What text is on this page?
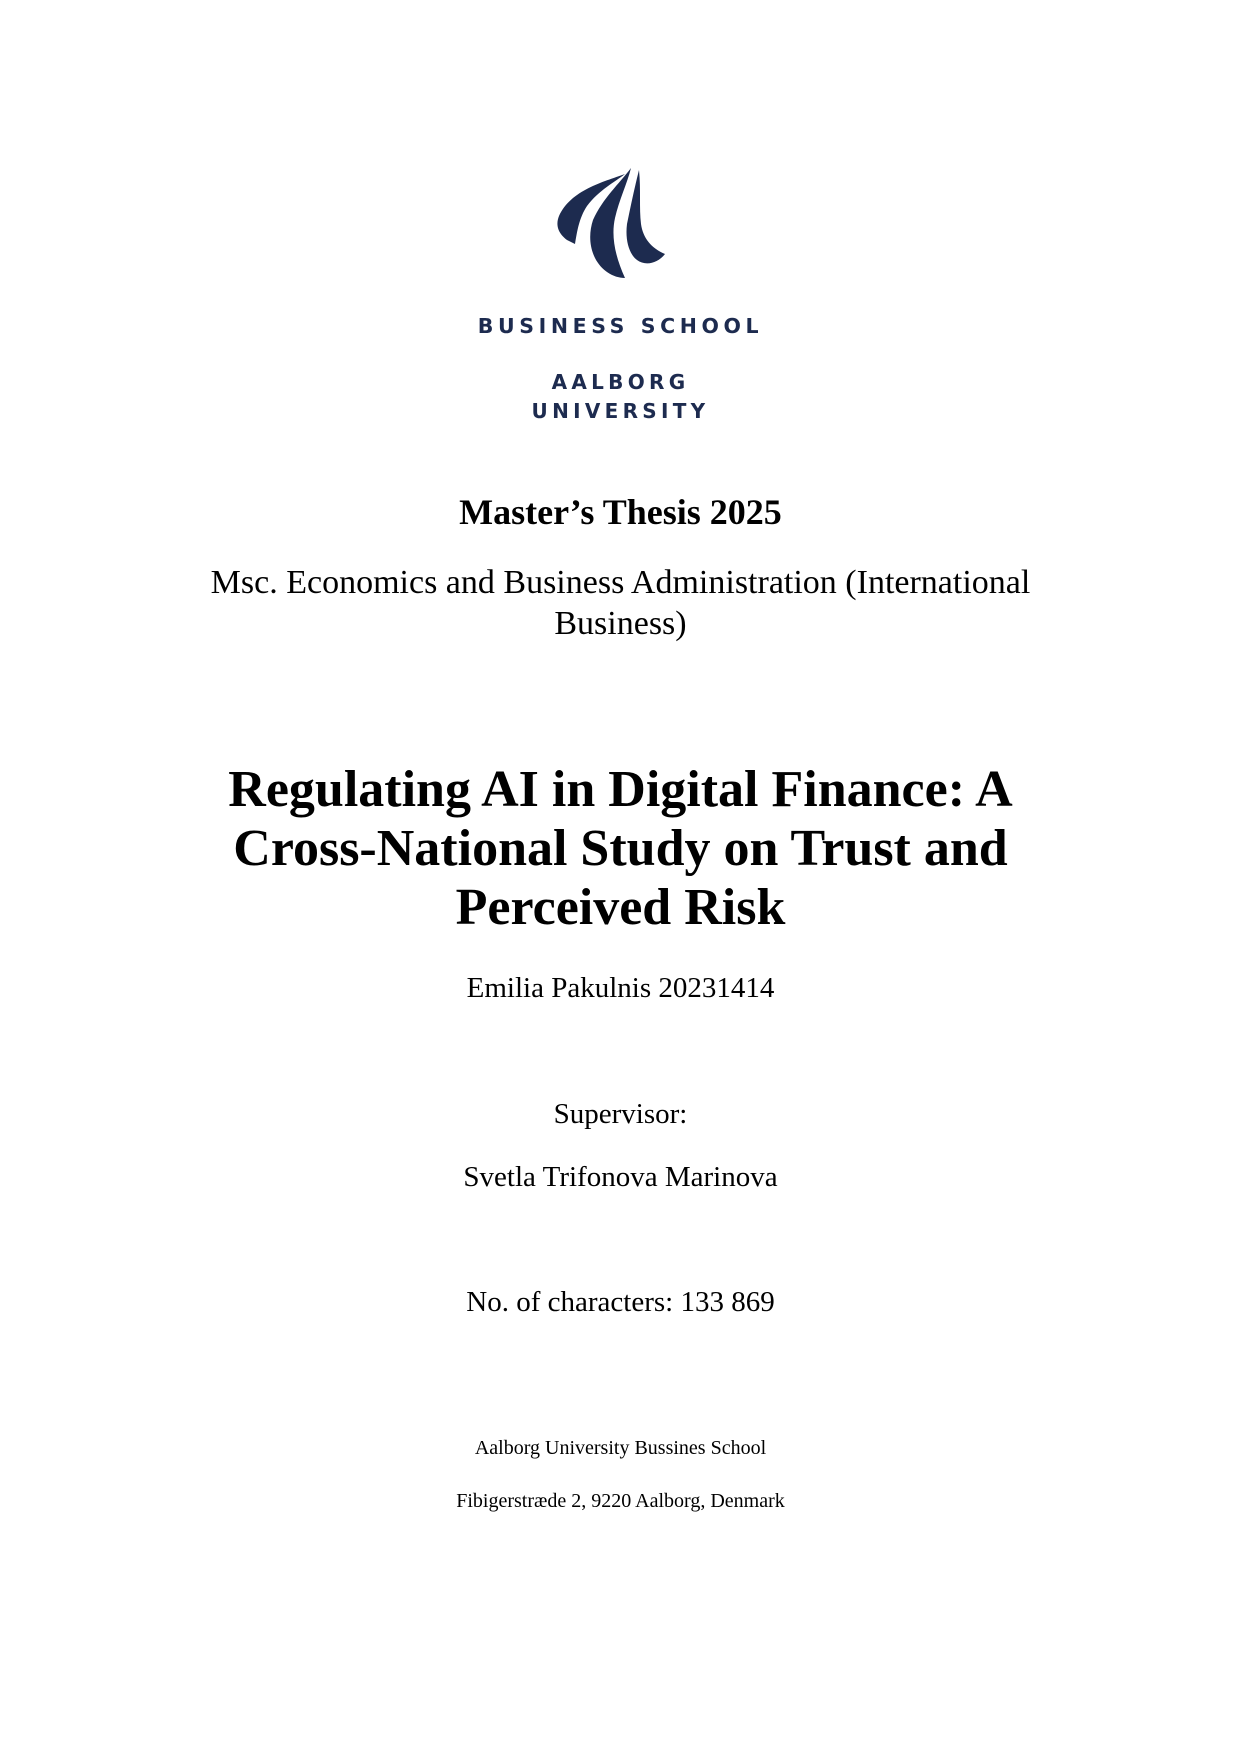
BUSINESS SCHOOL
AALBORG
UNIVERSITY
Master’s Thesis 2025
Msc. Economics and Business Administration (International Business)
Regulating AI in Digital Finance: A Cross-National Study on Trust and Perceived Risk
Emilia Pakulnis 20231414
Supervisor:
Svetla Trifonova Marinova
No. of characters: 133 869
Aalborg University Bussines School
Fibigerstræde 2, 9220 Aalborg, Denmark
